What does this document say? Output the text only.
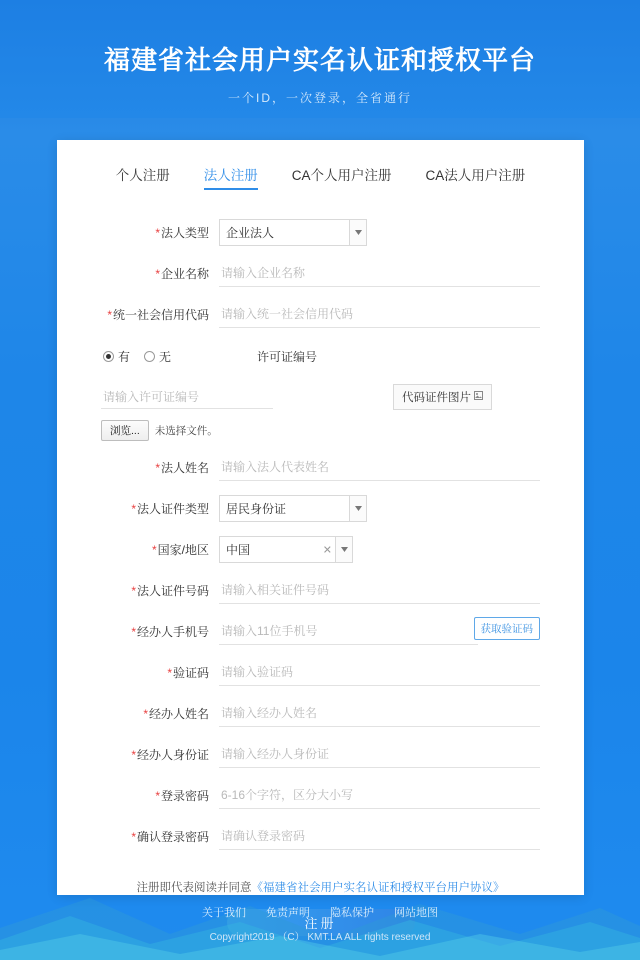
福建省社会用户实名认证和授权平台
一个ID，一次登录，全省通行
个人注册	法人注册	CA个人用户注册	CA法人用户注册
*法人类型	企业法人
*企业名称
请输入企业名称
*统一社会信用代码
请输入统一社会信用代码
有 无	许可证编号
请输入许可证编号
代码证件图片
浏览...	未选择文件。
*法人姓名
请输入法人代表姓名
*法人证件类型	居民身份证
*国家/地区	中国	✕
*法人证件号码
请输入相关证件号码
*经办人手机号
请输入11位手机号	获取验证码
*验证码
请输入验证码
*经办人姓名
请输入经办人姓名
*经办人身份证
请输入经办人身份证
*登录密码
6-16个字符，区分大小写
*确认登录密码
请确认登录密码
注册即代表阅读并同意《福建省社会用户实名认证和授权平台用户协议》
注册
关于我们 免责声明 隐私保护 网站地图
Copyright2019 （C） KMT.LA ALL rights reserved
